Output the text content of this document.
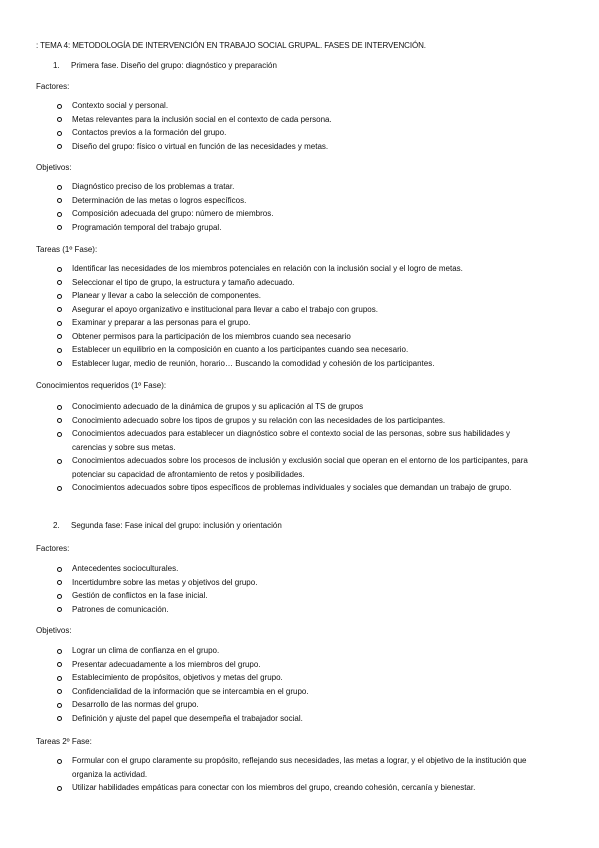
: TEMA 4: METODOLOGÍA DE INTERVENCIÓN EN TRABAJO SOCIAL GRUPAL. FASES DE INTERVENCIÓN.
1. Primera fase. Diseño del grupo: diagnóstico y preparación
Factores:
Contexto social y personal.
Metas relevantes para la inclusión social en el contexto de cada persona.
Contactos previos a la formación del grupo.
Diseño del grupo: físico o virtual en función de las necesidades y metas.
Objetivos:
Diagnóstico preciso de los problemas a tratar.
Determinación de las metas o logros específicos.
Composición adecuada del grupo: número de miembros.
Programación temporal del trabajo grupal.
Tareas (1º Fase):
Identificar las necesidades de los miembros potenciales en relación con la inclusión social y el logro de metas.
Seleccionar el tipo de grupo, la estructura y tamaño adecuado.
Planear y llevar a cabo la selección de componentes.
Asegurar el apoyo organizativo e institucional para llevar a cabo el trabajo con grupos.
Examinar y preparar a las personas para el grupo.
Obtener permisos para la participación de los miembros cuando sea necesario
Establecer un equilibrio en la composición en cuanto a los participantes cuando sea necesario.
Establecer lugar, medio de reunión, horario… Buscando la comodidad y cohesión de los participantes.
Conocimientos requeridos (1º Fase):
Conocimiento adecuado de la dinámica de grupos y su aplicación al TS de grupos
Conocimiento adecuado sobre los tipos de grupos y su relación con las necesidades de los participantes.
Conocimientos adecuados para establecer un diagnóstico sobre el contexto social de las personas, sobre sus habilidades y carencias y sobre sus metas.
Conocimientos adecuados sobre los procesos de inclusión y exclusión social que operan en el entorno de los participantes, para potenciar su capacidad de afrontamiento de retos y posibilidades.
Conocimientos adecuados sobre tipos específicos de problemas individuales y sociales que demandan un trabajo de grupo.
2. Segunda fase: Fase inical del grupo: inclusión y orientación
Factores:
Antecedentes socioculturales.
Incertidumbre sobre las metas y objetivos del grupo.
Gestión de conflictos en la fase inicial.
Patrones de comunicación.
Objetivos:
Lograr un clima de confianza en el grupo.
Presentar adecuadamente a los miembros del grupo.
Establecimiento de propósitos, objetivos y metas del grupo.
Confidencialidad de la información que se intercambia en el grupo.
Desarrollo de las normas del grupo.
Definición y ajuste del papel que desempeña el trabajador social.
Tareas 2º Fase:
Formular con el grupo claramente su propósito, reflejando sus necesidades, las metas a lograr, y el objetivo de la institución que organiza la actividad.
Utilizar habilidades empáticas para conectar con los miembros del grupo, creando cohesión, cercanía y bienestar.
